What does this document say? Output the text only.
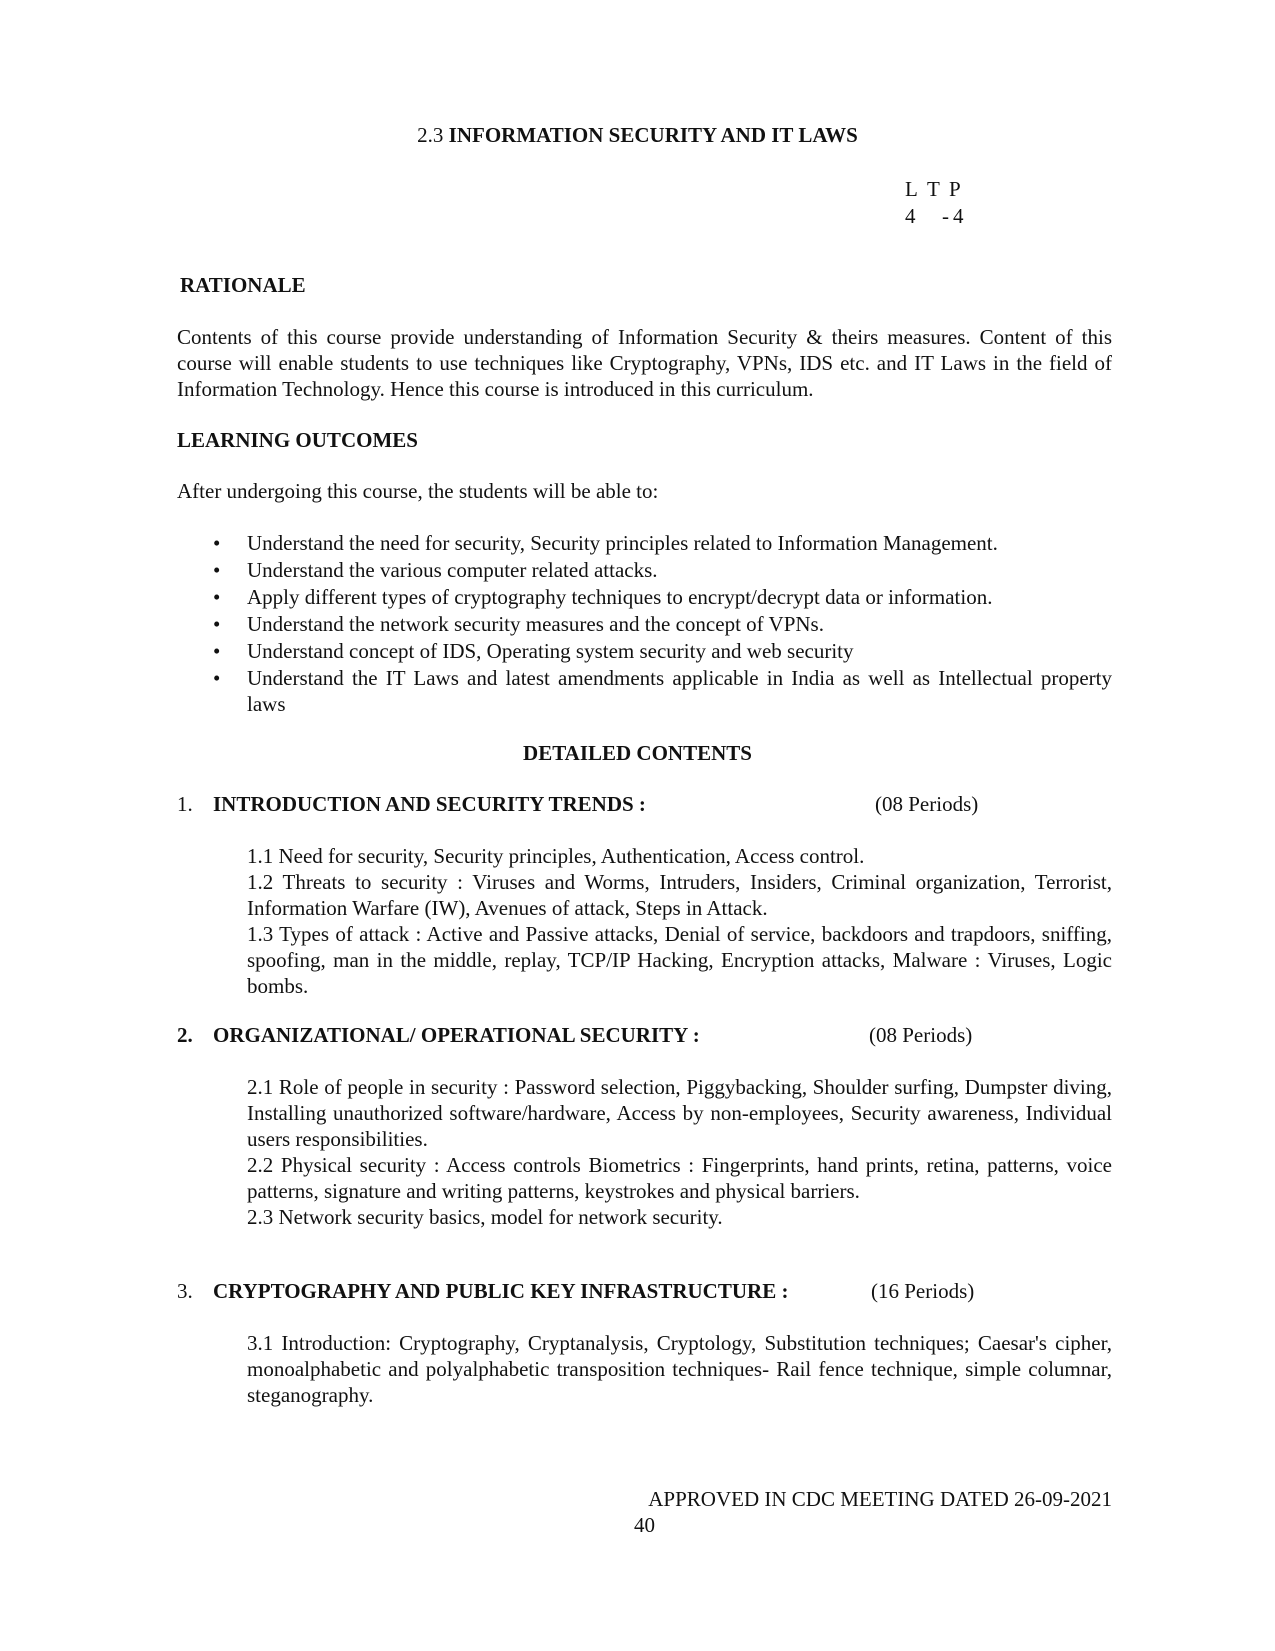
2.3 INFORMATION SECURITY AND IT LAWS
L T P
4	- 4
RATIONALE

Contents of this course provide understanding of Information Security & theirs measures. Content of this course will enable students to use techniques like Cryptography, VPNs, IDS etc. and IT Laws in the field of Information Technology. Hence this course is introduced in this curriculum.

LEARNING OUTCOMES

After undergoing this course, the students will be able to:

• Understand the need for security, Security principles related to Information Management.
• Understand the various computer related attacks.
• Apply different types of cryptography techniques to encrypt/decrypt data or information.
• Understand the network security measures and the concept of VPNs.
• Understand concept of IDS, Operating system security and web security
• Understand the IT Laws and latest amendments applicable in India as well as Intellectual property laws
DETAILED CONTENTS
1. INTRODUCTION AND SECURITY TRENDS :	(08 Periods)
1.1 Need for security, Security principles, Authentication, Access control.
1.2 Threats to security : Viruses and Worms, Intruders, Insiders, Criminal organization, Terrorist, Information Warfare (IW), Avenues of attack, Steps in Attack.
1.3 Types of attack : Active and Passive attacks, Denial of service, backdoors and trapdoors, sniffing, spoofing, man in the middle, replay, TCP/IP Hacking, Encryption attacks, Malware : Viruses, Logic bombs.
2. ORGANIZATIONAL/ OPERATIONAL SECURITY :	(08 Periods)
2.1 Role of people in security : Password selection, Piggybacking, Shoulder surfing, Dumpster diving, Installing unauthorized software/hardware, Access by non-employees, Security awareness, Individual users responsibilities.
2.2 Physical security : Access controls Biometrics : Fingerprints, hand prints, retina, patterns, voice patterns, signature and writing patterns, keystrokes and physical barriers.
2.3 Network security basics, model for network security.
3. CRYPTOGRAPHY AND PUBLIC KEY INFRASTRUCTURE :	(16 Periods)
3.1 Introduction: Cryptography, Cryptanalysis, Cryptology, Substitution techniques; Caesar's cipher, monoalphabetic and polyalphabetic transposition techniques- Rail fence technique, simple columnar, steganography.
APPROVED IN CDC MEETING DATED 26-09-2021
40
